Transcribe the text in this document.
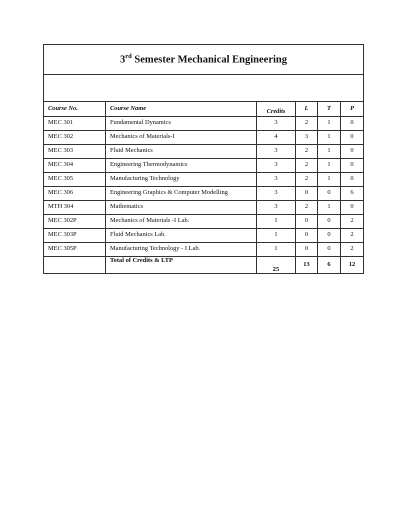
3rd Semester Mechanical Engineering					

Course No.	Course Name	Credits	L	T	P
MEC 301	Fundamental Dynamics	3	2	1	0
MEC 302	Mechanics of Materials-I	4	3	1	0
MEC 303	Fluid Mechanics	3	2	1	0
MEC 304	Engineering Thermodynamics	3	2	1	0
MEC 305	Manufacturing Technology	3	2	1	0
MEC 306	Engineering Graphics & Computer Modelling	3	0	0	6
MTH 304	Mathematics	3	2	1	0
MEC 302P	Mechanics of Materials -I Lab.	1	0	0	2
MEC 303P	Fluid Mechanics Lab.	1	0	0	2
MEC 305P	Manufacturing Technology - I Lab.	1	0	0	2
	Total of Credits & LTP	25	13	6	12
